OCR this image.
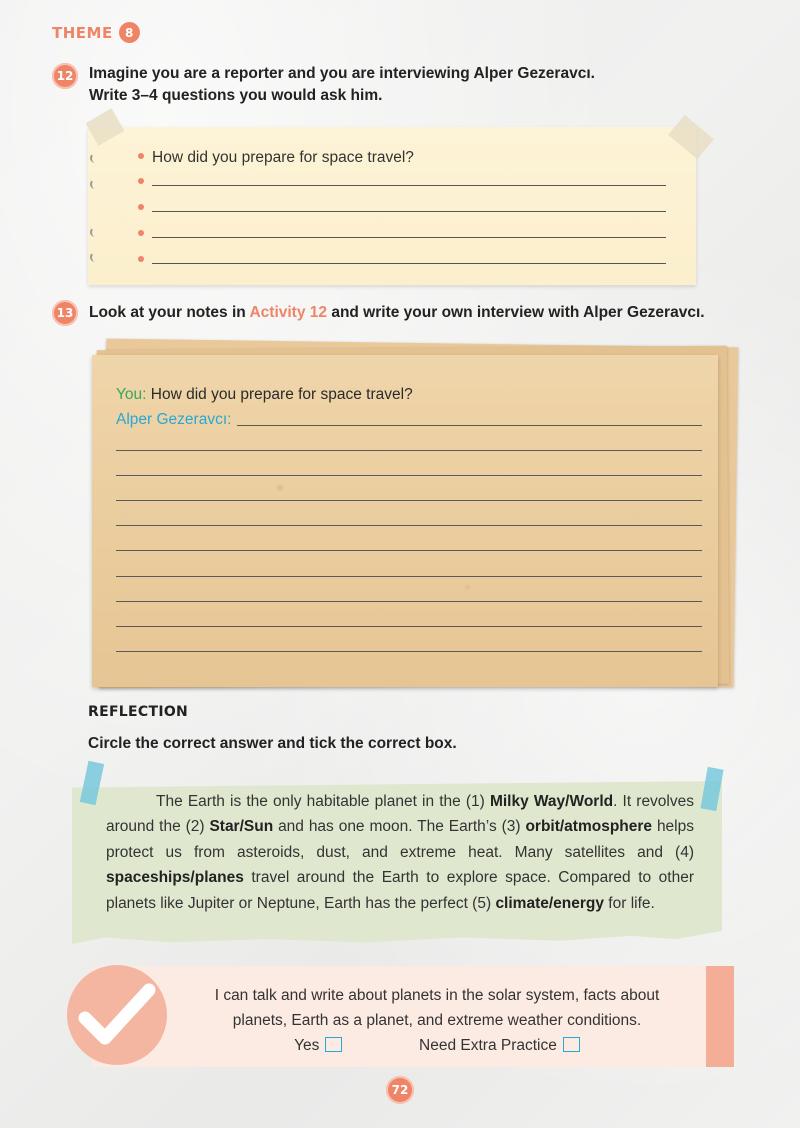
THEME	8
12	Imagine you are a reporter and you are interviewing Alper Gezeravcı.
Write 3–4 questions you would ask him.
How did you prepare for space travel?
13	Look at your notes in Activity 12 and write your own interview with Alper Gezeravcı.
You: How did you prepare for space travel?
Alper Gezeravcı:
REFLECTION
Circle the correct answer and tick the correct box.
The Earth is the only habitable planet in the (1) Milky Way/World. It revolves around the (2) Star/Sun and has one moon. The Earth’s (3) orbit/atmosphere helps protect us from asteroids, dust, and extreme heat. Many satellites and (4) spaceships/planes travel around the Earth to explore space. Compared to other planets like Jupiter or Neptune, Earth has the perfect (5) climate/energy for life.
I can talk and write about planets in the solar system, facts about
planets, Earth as a planet, and extreme weather conditions.
Yes	Need Extra Practice
72
